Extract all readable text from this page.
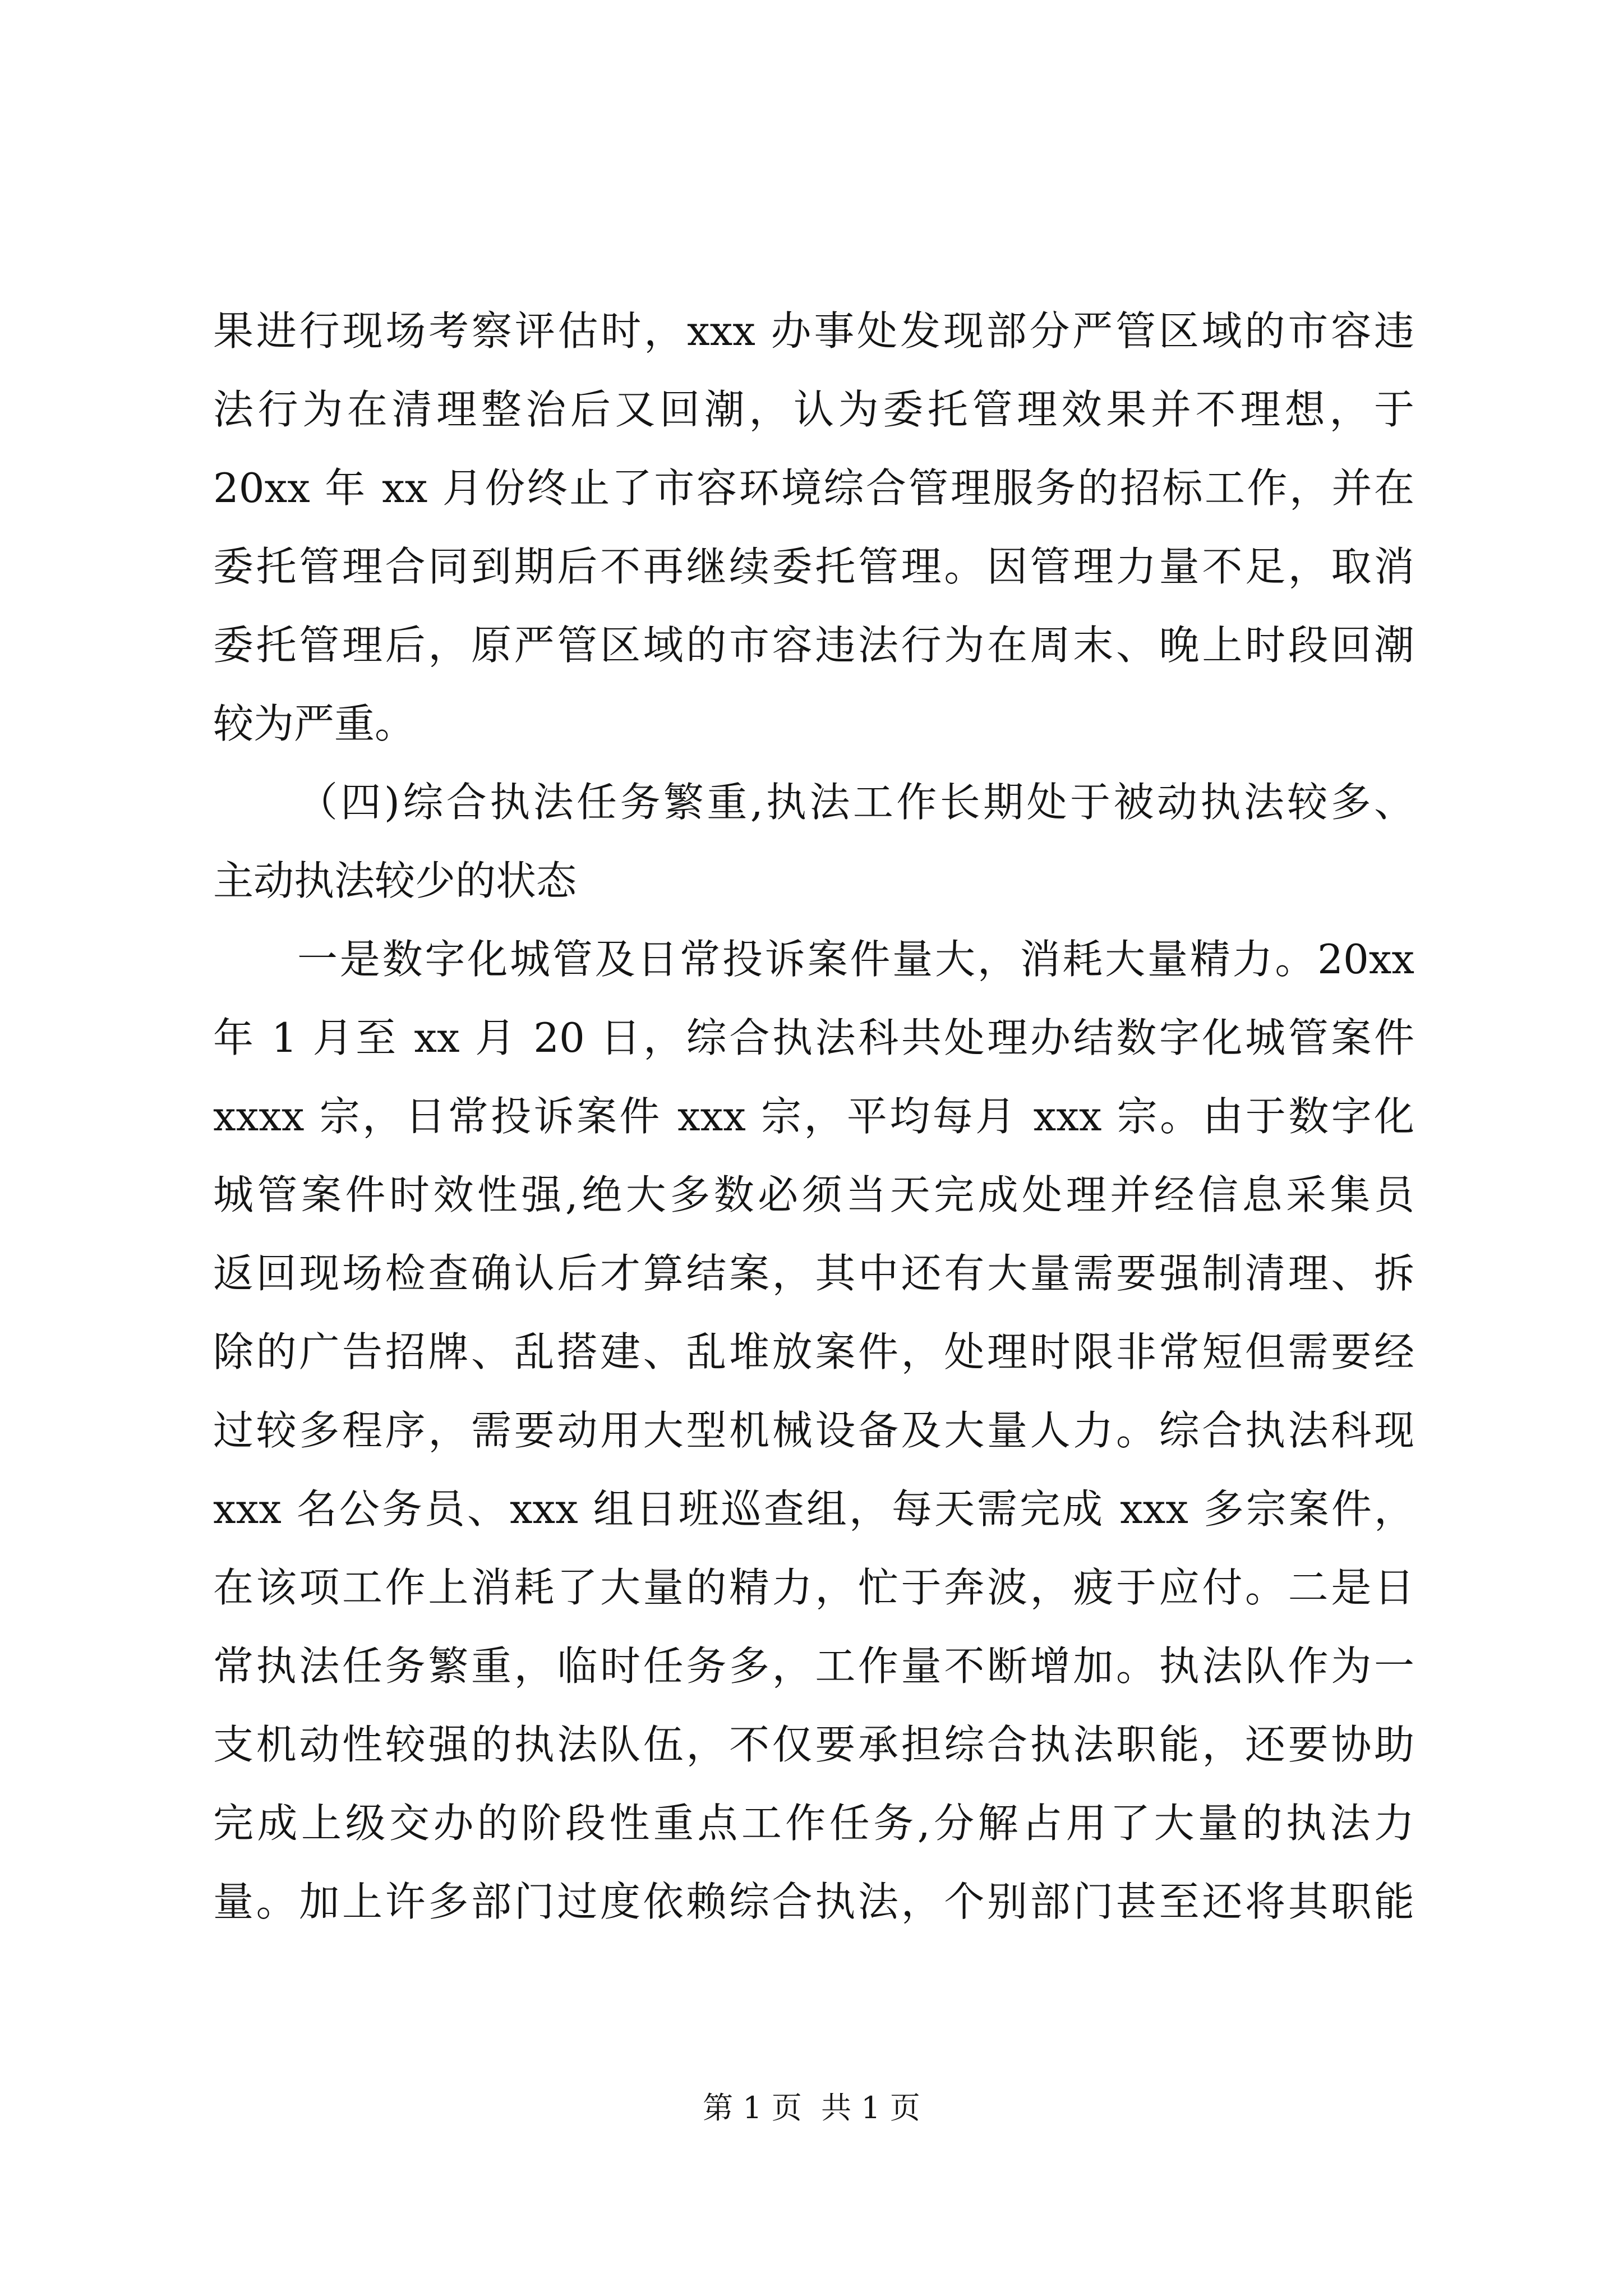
果进行现场考察评估时，xxx 办事处发现部分严管区域的市容违
法行为在清理整治后又回潮，认为委托管理效果并不理想，于
20xx 年 xx 月份终止了市容环境综合管理服务的招标工作，并在
委托管理合同到期后不再继续委托管理。因管理力量不足，取消
委托管理后，原严管区域的市容违法行为在周末、晚上时段回潮
较为严重。
（四)综合执法任务繁重,执法工作长期处于被动执法较多、
主动执法较少的状态
一是数字化城管及日常投诉案件量大，消耗大量精力。20xx
年 1 月至 xx 月 20 日，综合执法科共处理办结数字化城管案件
xxxx 宗，日常投诉案件 xxx 宗，平均每月 xxx 宗。由于数字化
城管案件时效性强,绝大多数必须当天完成处理并经信息采集员
返回现场检查确认后才算结案，其中还有大量需要强制清理、拆
除的广告招牌、乱搭建、乱堆放案件，处理时限非常短但需要经
过较多程序，需要动用大型机械设备及大量人力。综合执法科现
xxx 名公务员、xxx 组日班巡查组，每天需完成 xxx 多宗案件，
在该项工作上消耗了大量的精力，忙于奔波，疲于应付。二是日
常执法任务繁重，临时任务多，工作量不断增加。执法队作为一
支机动性较强的执法队伍，不仅要承担综合执法职能，还要协助
完成上级交办的阶段性重点工作任务,分解占用了大量的执法力
量。加上许多部门过度依赖综合执法，个别部门甚至还将其职能
第 1 页  共 1 页
